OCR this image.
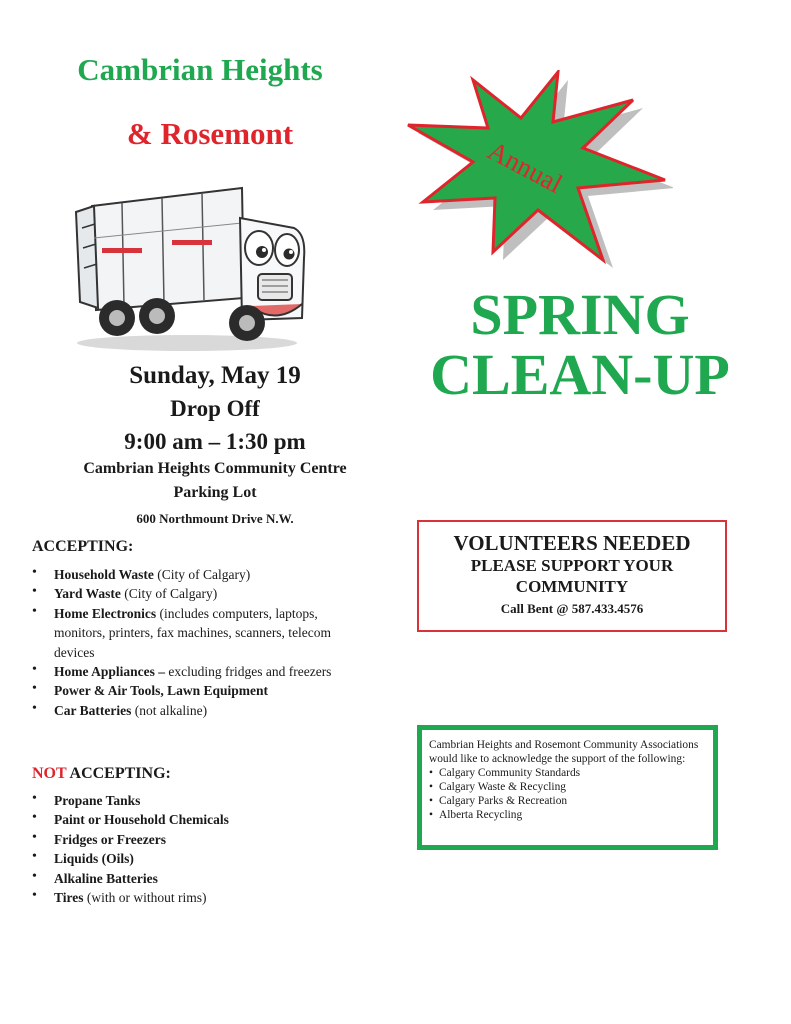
Cambrian Heights
& Rosemont
Annual
SPRING
CLEAN-UP
Sunday, May 19
Drop Off
9:00 am – 1:30 pm
Cambrian Heights Community Centre
Parking Lot
600 Northmount Drive N.W.
ACCEPTING:
• Household Waste (City of Calgary)
• Yard Waste (City of Calgary)
• Home Electronics (includes computers, laptops, monitors, printers, fax machines, scanners, telecom devices
• Home Appliances – excluding fridges and freezers
• Power & Air Tools, Lawn Equipment
• Car Batteries (not alkaline)
NOT ACCEPTING:
• Propane Tanks
• Paint or Household Chemicals
• Fridges or Freezers
• Liquids (Oils)
• Alkaline Batteries
• Tires (with or without rims)
VOLUNTEERS NEEDED
PLEASE SUPPORT YOUR
COMMUNITY
Call Bent @ 587.433.4576
Cambrian Heights and Rosemont Community Associations would like to acknowledge the support of the following:
• Calgary Community Standards
• Calgary Waste & Recycling
• Calgary Parks & Recreation
• Alberta Recycling
